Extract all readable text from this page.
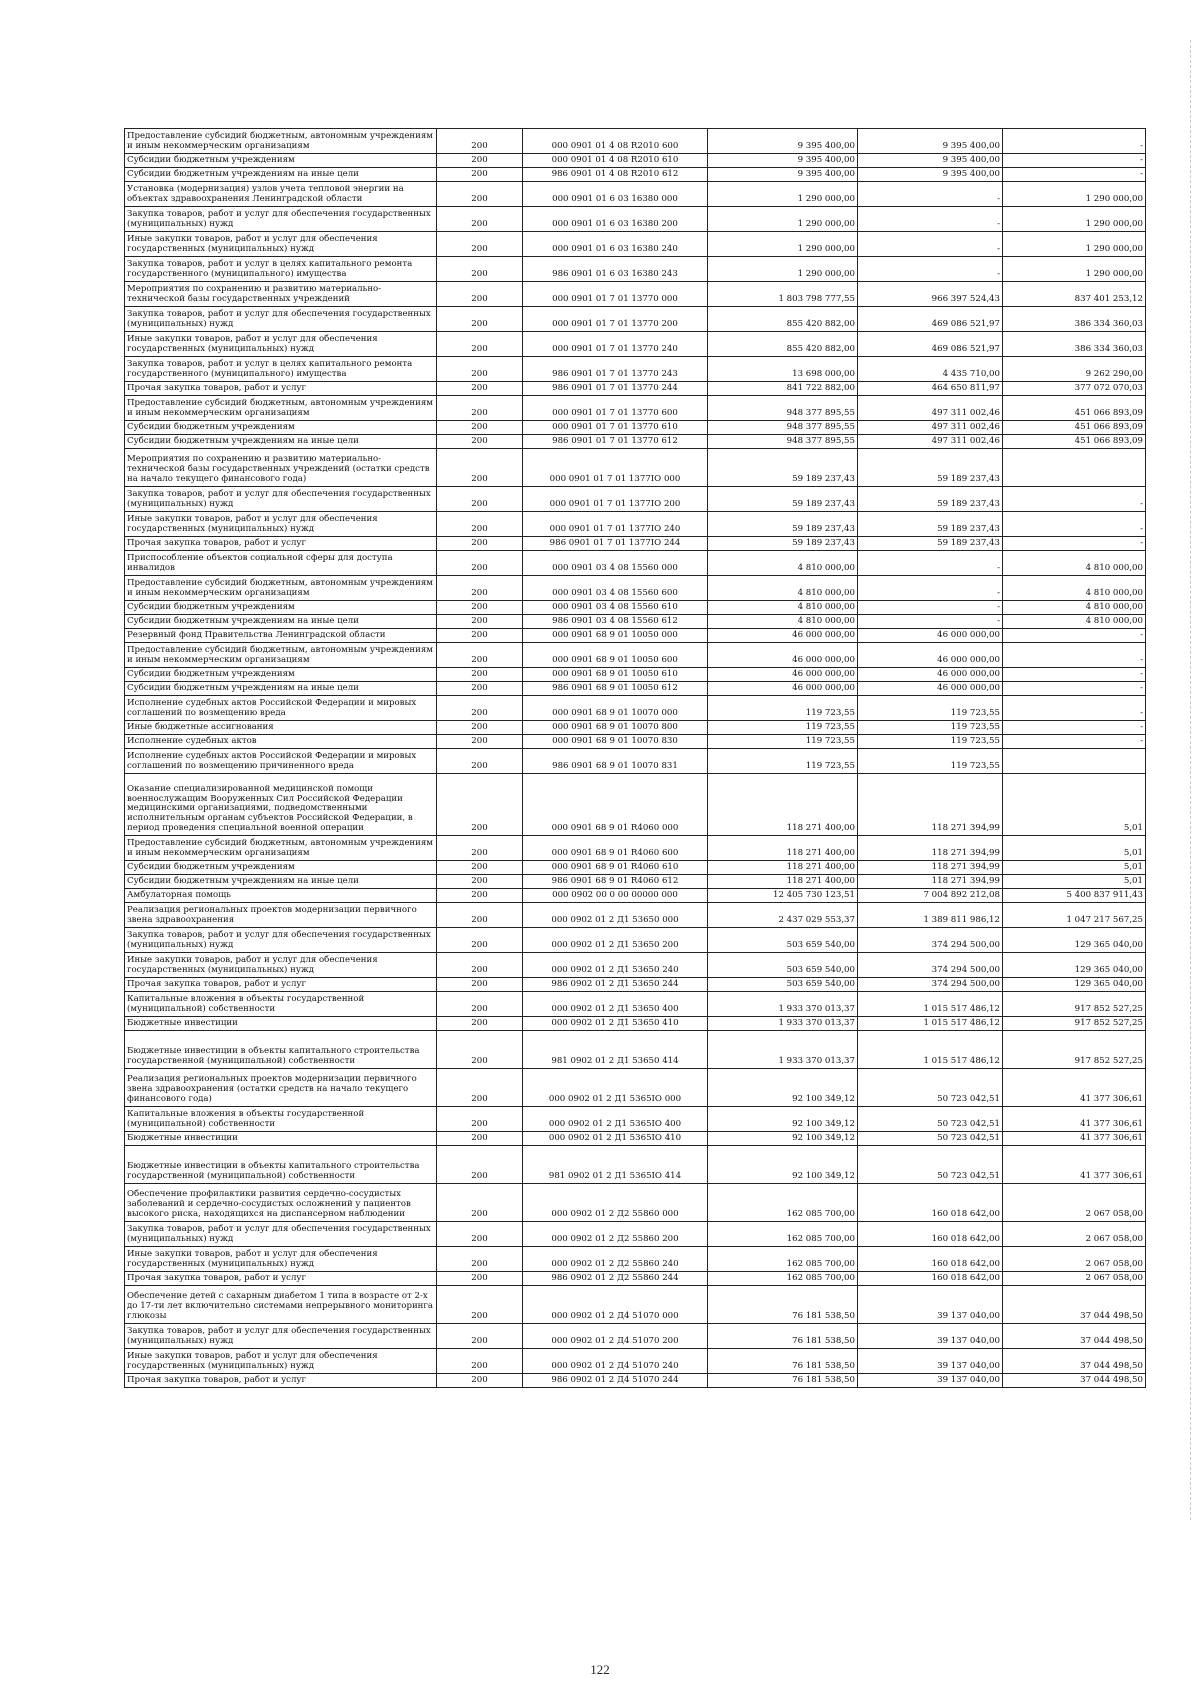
Предоставление субсидий бюджетным, автономным учреждениям и иным некоммерческим организациям	200	000 0901 01 4 08 R2010 600	9 395 400,00	9 395 400,00	-
Субсидии бюджетным учреждениям	200	000 0901 01 4 08 R2010 610	9 395 400,00	9 395 400,00	-
Субсидии бюджетным учреждениям на иные цели	200	986 0901 01 4 08 R2010 612	9 395 400,00	9 395 400,00	-
Установка (модернизация) узлов учета тепловой энергии на объектах здравоохранения Ленинградской области	200	000 0901 01 6 03 16380 000	1 290 000,00	-	1 290 000,00
Закупка товаров, работ и услуг для обеспечения государственных (муниципальных) нужд	200	000 0901 01 6 03 16380 200	1 290 000,00	-	1 290 000,00
Иные закупки товаров, работ и услуг для обеспечения государственных (муниципальных) нужд	200	000 0901 01 6 03 16380 240	1 290 000,00	-	1 290 000,00
Закупка товаров, работ и услуг в целях капитального ремонта государственного (муниципального) имущества	200	986 0901 01 6 03 16380 243	1 290 000,00	-	1 290 000,00
Мероприятия по сохранению и развитию материально-технической базы государственных учреждений	200	000 0901 01 7 01 13770 000	1 803 798 777,55	966 397 524,43	837 401 253,12
Закупка товаров, работ и услуг для обеспечения государственных (муниципальных) нужд	200	000 0901 01 7 01 13770 200	855 420 882,00	469 086 521,97	386 334 360,03
Иные закупки товаров, работ и услуг для обеспечения государственных (муниципальных) нужд	200	000 0901 01 7 01 13770 240	855 420 882,00	469 086 521,97	386 334 360,03
Закупка товаров, работ и услуг в целях капитального ремонта государственного (муниципального) имущества	200	986 0901 01 7 01 13770 243	13 698 000,00	4 435 710,00	9 262 290,00
Прочая закупка товаров, работ и услуг	200	986 0901 01 7 01 13770 244	841 722 882,00	464 650 811,97	377 072 070,03
Предоставление субсидий бюджетным, автономным учреждениям и иным некоммерческим организациям	200	000 0901 01 7 01 13770 600	948 377 895,55	497 311 002,46	451 066 893,09
Субсидии бюджетным учреждениям	200	000 0901 01 7 01 13770 610	948 377 895,55	497 311 002,46	451 066 893,09
Субсидии бюджетным учреждениям на иные цели	200	986 0901 01 7 01 13770 612	948 377 895,55	497 311 002,46	451 066 893,09
Мероприятия по сохранению и развитию материально-технической базы государственных учреждений (остатки средств на начало текущего финансового года)	200	000 0901 01 7 01 1377IO 000	59 189 237,43	59 189 237,43	
Закупка товаров, работ и услуг для обеспечения государственных (муниципальных) нужд	200	000 0901 01 7 01 1377IO 200	59 189 237,43	59 189 237,43	-
Иные закупки товаров, работ и услуг для обеспечения государственных (муниципальных) нужд	200	000 0901 01 7 01 1377IO 240	59 189 237,43	59 189 237,43	-
Прочая закупка товаров, работ и услуг	200	986 0901 01 7 01 1377IO 244	59 189 237,43	59 189 237,43	-
Приспособление объектов социальной сферы для доступа инвалидов	200	000 0901 03 4 08 15560 000	4 810 000,00	-	4 810 000,00
Предоставление субсидий бюджетным, автономным учреждениям и иным некоммерческим организациям	200	000 0901 03 4 08 15560 600	4 810 000,00	-	4 810 000,00
Субсидии бюджетным учреждениям	200	000 0901 03 4 08 15560 610	4 810 000,00	-	4 810 000,00
Субсидии бюджетным учреждениям на иные цели	200	986 0901 03 4 08 15560 612	4 810 000,00	-	4 810 000,00
Резервный фонд Правительства Ленинградской области	200	000 0901 68 9 01 10050 000	46 000 000,00	46 000 000,00	-
Предоставление субсидий бюджетным, автономным учреждениям и иным некоммерческим организациям	200	000 0901 68 9 01 10050 600	46 000 000,00	46 000 000,00	-
Субсидии бюджетным учреждениям	200	000 0901 68 9 01 10050 610	46 000 000,00	46 000 000,00	-
Субсидии бюджетным учреждениям на иные цели	200	986 0901 68 9 01 10050 612	46 000 000,00	46 000 000,00	-
Исполнение судебных актов Российской Федерации и мировых соглашений по возмещению вреда	200	000 0901 68 9 01 10070 000	119 723,55	119 723,55	-
Иные бюджетные ассигнования	200	000 0901 68 9 01 10070 800	119 723,55	119 723,55	-
Исполнение судебных актов	200	000 0901 68 9 01 10070 830	119 723,55	119 723,55	-
Исполнение судебных актов Российской Федерации и мировых соглашений по возмещению причиненного вреда	200	986 0901 68 9 01 10070 831	119 723,55	119 723,55	
Оказание специализированной медицинской помощи военнослужащим Вооруженных Сил Российской Федерации медицинскими организациями, подведомственными исполнительным органам субъектов Российской Федерации, в период проведения специальной военной операции	200	000 0901 68 9 01 R4060 000	118 271 400,00	118 271 394,99	5,01
Предоставление субсидий бюджетным, автономным учреждениям и иным некоммерческим организациям	200	000 0901 68 9 01 R4060 600	118 271 400,00	118 271 394,99	5,01
Субсидии бюджетным учреждениям	200	000 0901 68 9 01 R4060 610	118 271 400,00	118 271 394,99	5,01
Субсидии бюджетным учреждениям на иные цели	200	986 0901 68 9 01 R4060 612	118 271 400,00	118 271 394,99	5,01
Амбулаторная помощь	200	000 0902 00 0 00 00000 000	12 405 730 123,51	7 004 892 212,08	5 400 837 911,43
Реализация региональных проектов модернизации первичного звена здравоохранения	200	000 0902 01 2 Д1 53650 000	2 437 029 553,37	1 389 811 986,12	1 047 217 567,25
Закупка товаров, работ и услуг для обеспечения государственных (муниципальных) нужд	200	000 0902 01 2 Д1 53650 200	503 659 540,00	374 294 500,00	129 365 040,00
Иные закупки товаров, работ и услуг для обеспечения государственных (муниципальных) нужд	200	000 0902 01 2 Д1 53650 240	503 659 540,00	374 294 500,00	129 365 040,00
Прочая закупка товаров, работ и услуг	200	986 0902 01 2 Д1 53650 244	503 659 540,00	374 294 500,00	129 365 040,00
Капитальные вложения в объекты государственной (муниципальной) собственности	200	000 0902 01 2 Д1 53650 400	1 933 370 013,37	1 015 517 486,12	917 852 527,25
Бюджетные инвестиции	200	000 0902 01 2 Д1 53650 410	1 933 370 013,37	1 015 517 486,12	917 852 527,25
Бюджетные инвестиции в объекты капитального строительства государственной (муниципальной) собственности	200	981 0902 01 2 Д1 53650 414	1 933 370 013,37	1 015 517 486,12	917 852 527,25
Реализация региональных проектов модернизации первичного звена здравоохранения (остатки средств на начало текущего финансового года)	200	000 0902 01 2 Д1 5365IO 000	92 100 349,12	50 723 042,51	41 377 306,61
Капитальные вложения в объекты государственной (муниципальной) собственности	200	000 0902 01 2 Д1 5365IO 400	92 100 349,12	50 723 042,51	41 377 306,61
Бюджетные инвестиции	200	000 0902 01 2 Д1 5365IO 410	92 100 349,12	50 723 042,51	41 377 306,61
Бюджетные инвестиции в объекты капитального строительства государственной (муниципальной) собственности	200	981 0902 01 2 Д1 5365IO 414	92 100 349,12	50 723 042,51	41 377 306,61
Обеспечение профилактики развития сердечно-сосудистых заболеваний и сердечно-сосудистых осложнений у пациентов высокого риска, находящихся на диспансерном наблюдении	200	000 0902 01 2 Д2 55860 000	162 085 700,00	160 018 642,00	2 067 058,00
Закупка товаров, работ и услуг для обеспечения государственных (муниципальных) нужд	200	000 0902 01 2 Д2 55860 200	162 085 700,00	160 018 642,00	2 067 058,00
Иные закупки товаров, работ и услуг для обеспечения государственных (муниципальных) нужд	200	000 0902 01 2 Д2 55860 240	162 085 700,00	160 018 642,00	2 067 058,00
Прочая закупка товаров, работ и услуг	200	986 0902 01 2 Д2 55860 244	162 085 700,00	160 018 642,00	2 067 058,00
Обеспечение детей с сахарным диабетом 1 типа в возрасте от 2-х до 17-ти лет включительно системами непрерывного мониторинга глюкозы	200	000 0902 01 2 Д4 51070 000	76 181 538,50	39 137 040,00	37 044 498,50
Закупка товаров, работ и услуг для обеспечения государственных (муниципальных) нужд	200	000 0902 01 2 Д4 51070 200	76 181 538,50	39 137 040,00	37 044 498,50
Иные закупки товаров, работ и услуг для обеспечения государственных (муниципальных) нужд	200	000 0902 01 2 Д4 51070 240	76 181 538,50	39 137 040,00	37 044 498,50
Прочая закупка товаров, работ и услуг	200	986 0902 01 2 Д4 51070 244	76 181 538,50	39 137 040,00	37 044 498,50
122
